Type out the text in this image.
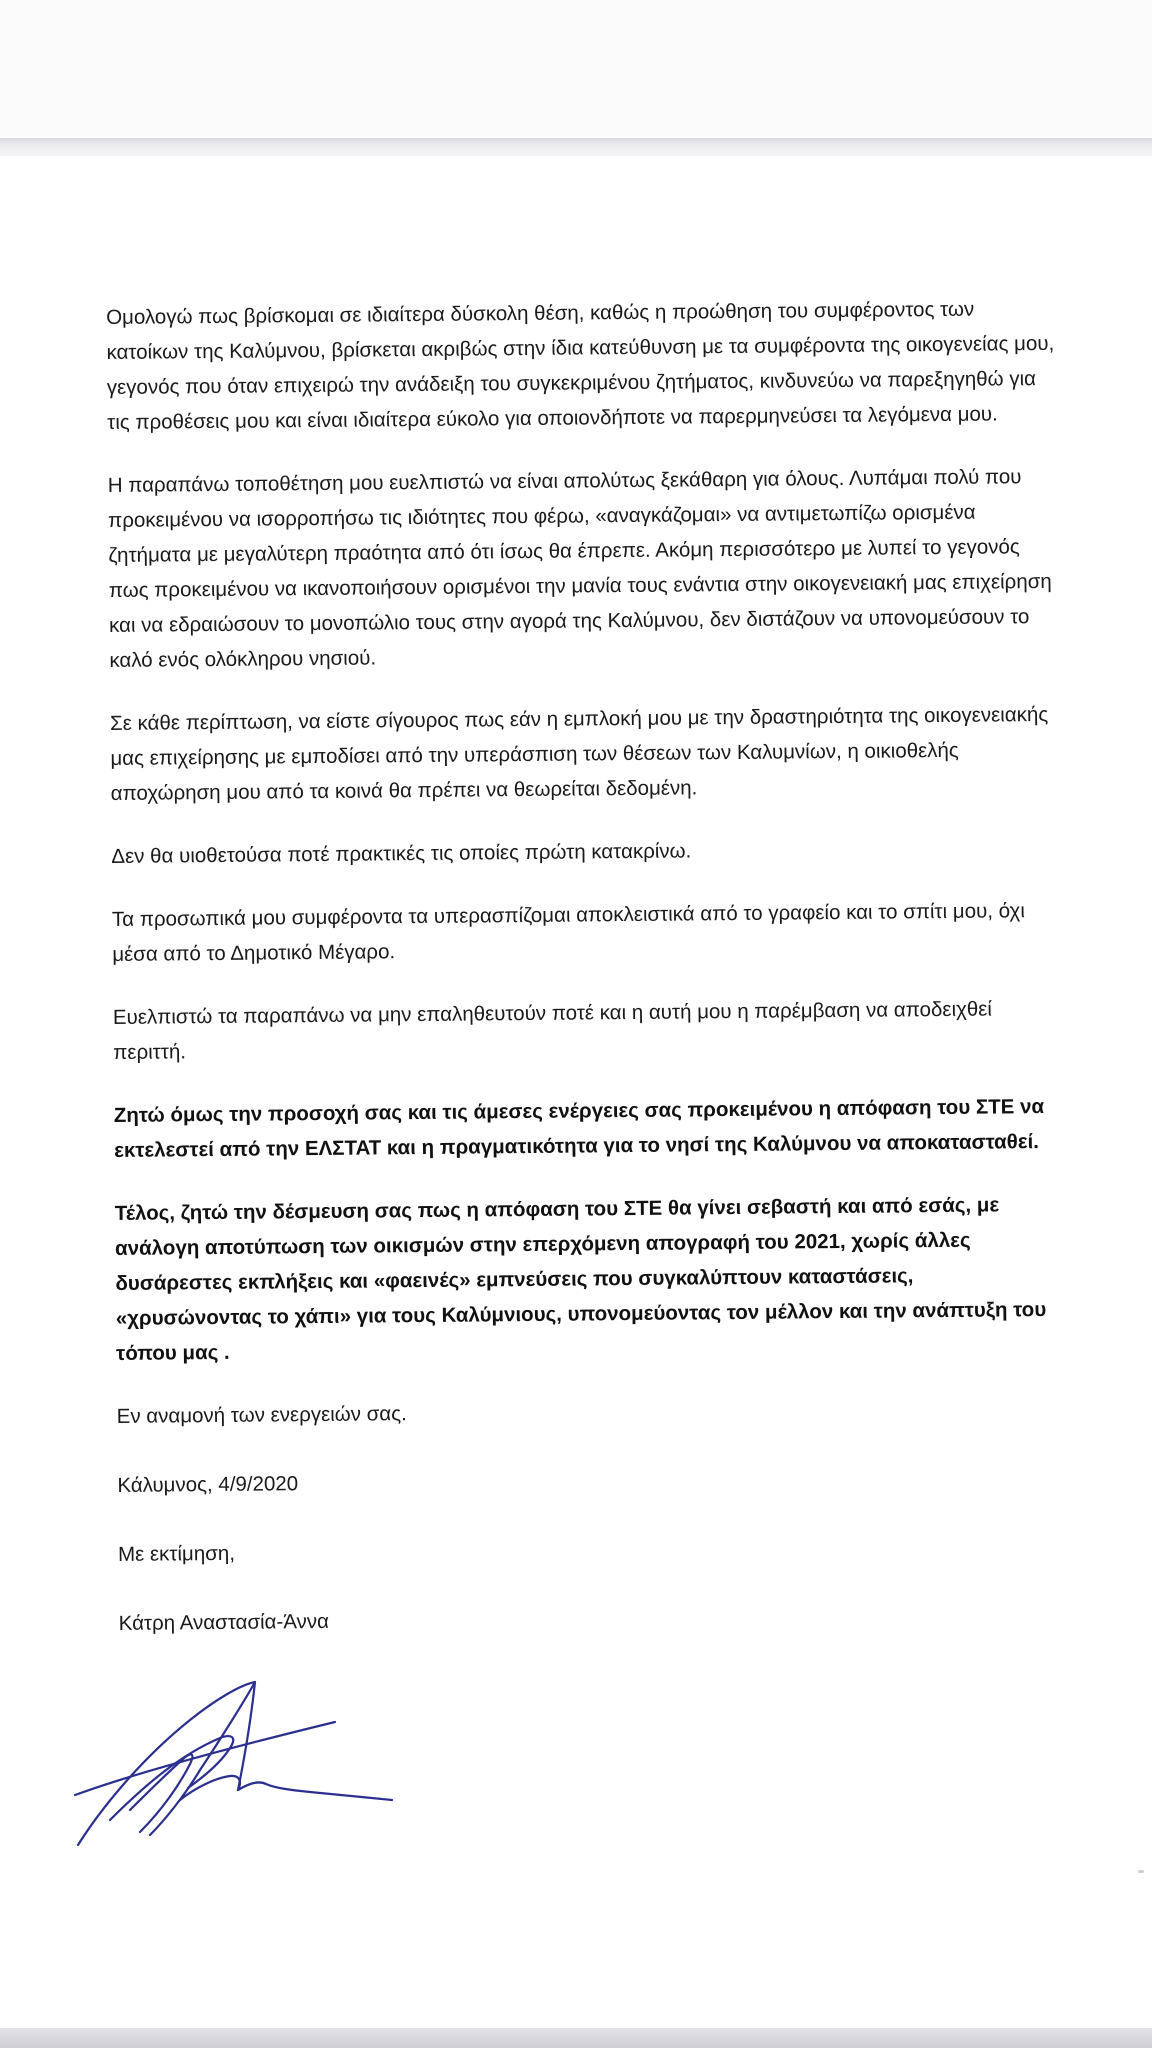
Ομολογώ πως βρίσκομαι σε ιδιαίτερα δύσκολη θέση, καθώς η προώθηση του συμφέροντος των κατοίκων της Καλύμνου, βρίσκεται ακριβώς στην ίδια κατεύθυνση με τα συμφέροντα της οικογενείας μου, γεγονός που όταν επιχειρώ την ανάδειξη του συγκεκριμένου ζητήματος, κινδυνεύω να παρεξηγηθώ για τις προθέσεις μου και είναι ιδιαίτερα εύκολο για οποιονδήποτε να παρερμηνεύσει τα λεγόμενα μου.

Η παραπάνω τοποθέτηση μου ευελπιστώ να είναι απολύτως ξεκάθαρη για όλους. Λυπάμαι πολύ που προκειμένου να ισορροπήσω τις ιδιότητες που φέρω, «αναγκάζομαι» να αντιμετωπίζω ορισμένα ζητήματα με μεγαλύτερη πραότητα από ότι ίσως θα έπρεπε. Ακόμη περισσότερο με λυπεί το γεγονός πως προκειμένου να ικανοποιήσουν ορισμένοι την μανία τους ενάντια στην οικογενειακή μας επιχείρηση και να εδραιώσουν το μονοπώλιο τους στην αγορά της Καλύμνου, δεν διστάζουν να υπονομεύσουν το καλό ενός ολόκληρου νησιού.

Σε κάθε περίπτωση, να είστε σίγουρος πως εάν η εμπλοκή μου με την δραστηριότητα της οικογενειακής μας επιχείρησης με εμποδίσει από την υπεράσπιση των θέσεων των Καλυμνίων, η οικιοθελής αποχώρηση μου από τα κοινά θα πρέπει να θεωρείται δεδομένη.

Δεν θα υιοθετούσα ποτέ πρακτικές τις οποίες πρώτη κατακρίνω.

Τα προσωπικά μου συμφέροντα τα υπερασπίζομαι αποκλειστικά από το γραφείο και το σπίτι μου, όχι μέσα από το Δημοτικό Μέγαρο.

Ευελπιστώ τα παραπάνω να μην επαληθευτούν ποτέ και η αυτή μου η παρέμβαση να αποδειχθεί περιττή.

Ζητώ όμως την προσοχή σας και τις άμεσες ενέργειες σας προκειμένου η απόφαση του ΣΤΕ να εκτελεστεί από την ΕΛΣΤΑΤ και η πραγματικότητα για το νησί της Καλύμνου να αποκατασταθεί.

Τέλος, ζητώ την δέσμευση σας πως η απόφαση του ΣΤΕ θα γίνει σεβαστή και από εσάς, με ανάλογη αποτύπωση των οικισμών στην επερχόμενη απογραφή του 2021, χωρίς άλλες δυσάρεστες εκπλήξεις και «φαεινές» εμπνεύσεις που συγκαλύπτουν καταστάσεις, «χρυσώνοντας το χάπι» για τους Καλύμνιους, υπονομεύοντας τον μέλλον και την ανάπτυξη του τόπου μας .

Εν αναμονή των ενεργειών σας.

Κάλυμνος, 4/9/2020

Με εκτίμηση,

Κάτρη Αναστασία-Άννα
